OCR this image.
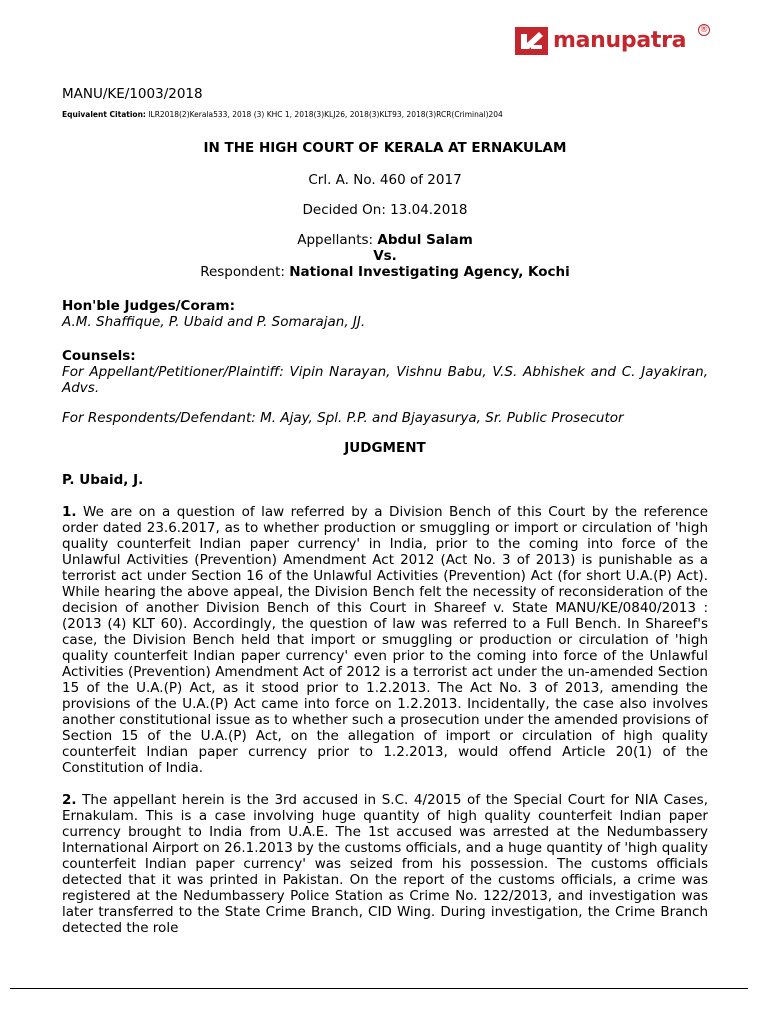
manupatra ®

MANU/KE/1003/2018

Equivalent Citation: ILR2018(2)Kerala533, 2018 (3) KHC 1, 2018(3)KLJ26, 2018(3)KLT93, 2018(3)RCR(Criminal)204

IN THE HIGH COURT OF KERALA AT ERNAKULAM

Crl. A. No. 460 of 2017

Decided On: 13.04.2018

Appellants: Abdul Salam

Vs.

Respondent: National Investigating Agency, Kochi

Hon'ble Judges/Coram:

A.M. Shaffique, P. Ubaid and P. Somarajan, JJ.

Counsels:

For Appellant/Petitioner/Plaintiff: Vipin Narayan, Vishnu Babu, V.S. Abhishek and C. Jayakiran, Advs.

For Respondents/Defendant: M. Ajay, Spl. P.P. and Bjayasurya, Sr. Public Prosecutor

JUDGMENT

P. Ubaid, J.

1. We are on a question of law referred by a Division Bench of this Court by the reference order dated 23.6.2017, as to whether production or smuggling or import or circulation of 'high quality counterfeit Indian paper currency' in India, prior to the coming into force of the Unlawful Activities (Prevention) Amendment Act 2012 (Act No. 3 of 2013) is punishable as a terrorist act under Section 16 of the Unlawful Activities (Prevention) Act (for short U.A.(P) Act). While hearing the above appeal, the Division Bench felt the necessity of reconsideration of the decision of another Division Bench of this Court in Shareef v. State MANU/KE/0840/2013 : (2013 (4) KLT 60). Accordingly, the question of law was referred to a Full Bench. In Shareef's case, the Division Bench held that import or smuggling or production or circulation of 'high quality counterfeit Indian paper currency' even prior to the coming into force of the Unlawful Activities (Prevention) Amendment Act of 2012 is a terrorist act under the un-amended Section 15 of the U.A.(P) Act, as it stood prior to 1.2.2013. The Act No. 3 of 2013, amending the provisions of the U.A.(P) Act came into force on 1.2.2013. Incidentally, the case also involves another constitutional issue as to whether such a prosecution under the amended provisions of Section 15 of the U.A.(P) Act, on the allegation of import or circulation of high quality counterfeit Indian paper currency prior to 1.2.2013, would offend Article 20(1) of the Constitution of India.

2. The appellant herein is the 3rd accused in S.C. 4/2015 of the Special Court for NIA Cases, Ernakulam. This is a case involving huge quantity of high quality counterfeit Indian paper currency brought to India from U.A.E. The 1st accused was arrested at the Nedumbassery International Airport on 26.1.2013 by the customs officials, and a huge quantity of 'high quality counterfeit Indian paper currency' was seized from his possession. The customs officials detected that it was printed in Pakistan. On the report of the customs officials, a crime was registered at the Nedumbassery Police Station as Crime No. 122/2013, and investigation was later transferred to the State Crime Branch, CID Wing. During investigation, the Crime Branch detected the role
